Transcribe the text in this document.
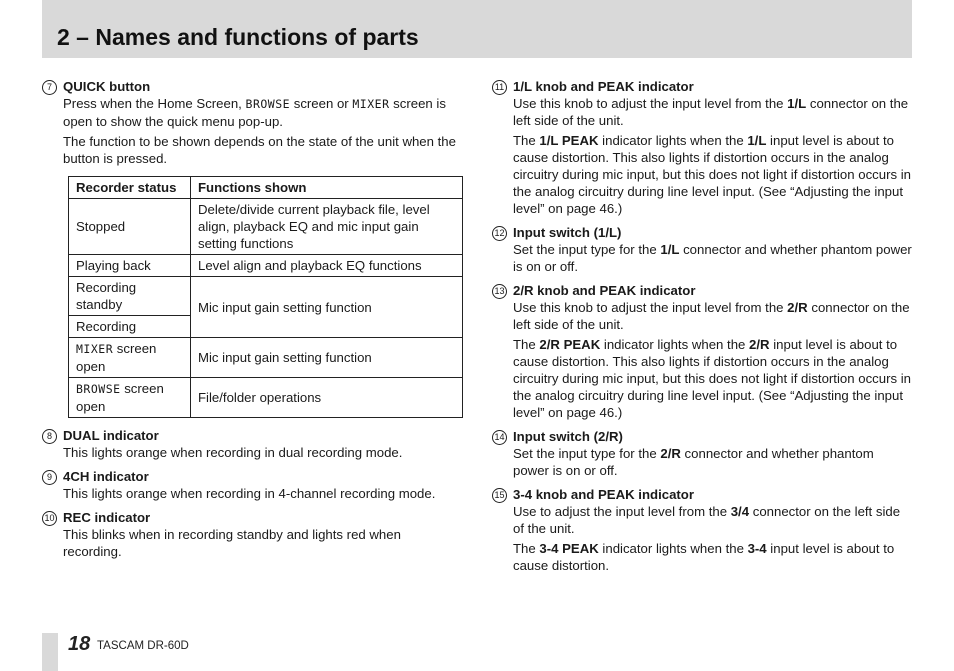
2 – Names and functions of parts
7 QUICK button

Press when the Home Screen, BROWSE screen or MIXER screen is open to show the quick menu pop-up.

The function to be shown depends on the state of the unit when the button is pressed.

Recorder status	Functions shown
Stopped	Delete/divide current playback file, level align, playback EQ and mic input gain setting functions
Playing back	Level align and playback EQ functions
Recording standby	Mic input gain setting function
Recording	
MIXER screen open	Mic input gain setting function
BROWSE screen open	File/folder operations
8 DUAL indicator

This lights orange when recording in dual recording mode.

9 4CH indicator

This lights orange when recording in 4-channel recording mode.

10 REC indicator

This blinks when in recording standby and lights red when recording.

11 1/L knob and PEAK indicator

Use this knob to adjust the input level from the 1/L connector on the left side of the unit.

The 1/L PEAK indicator lights when the 1/L input level is about to cause distortion. This also lights if distortion occurs in the analog circuitry during mic input, but this does not light if distortion occurs in the analog circuitry during line level input. (See “Adjusting the input level” on page 46.)

12 Input switch (1/L)

Set the input type for the 1/L connector and whether phantom power is on or off.

13 2/R knob and PEAK indicator

Use this knob to adjust the input level from the 2/R connector on the left side of the unit.

The 2/R PEAK indicator lights when the 2/R input level is about to cause distortion. This also lights if distortion occurs in the analog circuitry during mic input, but this does not light if distortion occurs in the analog circuitry during line level input. (See “Adjusting the input level” on page 46.)

14 Input switch (2/R)

Set the input type for the 2/R connector and whether phantom power is on or off.

15 3-4 knob and PEAK indicator

Use to adjust the input level from the 3/4 connector on the left side of the unit.

The 3-4 PEAK indicator lights when the 3-4 input level is about to cause distortion.

18 TASCAM DR-60D
